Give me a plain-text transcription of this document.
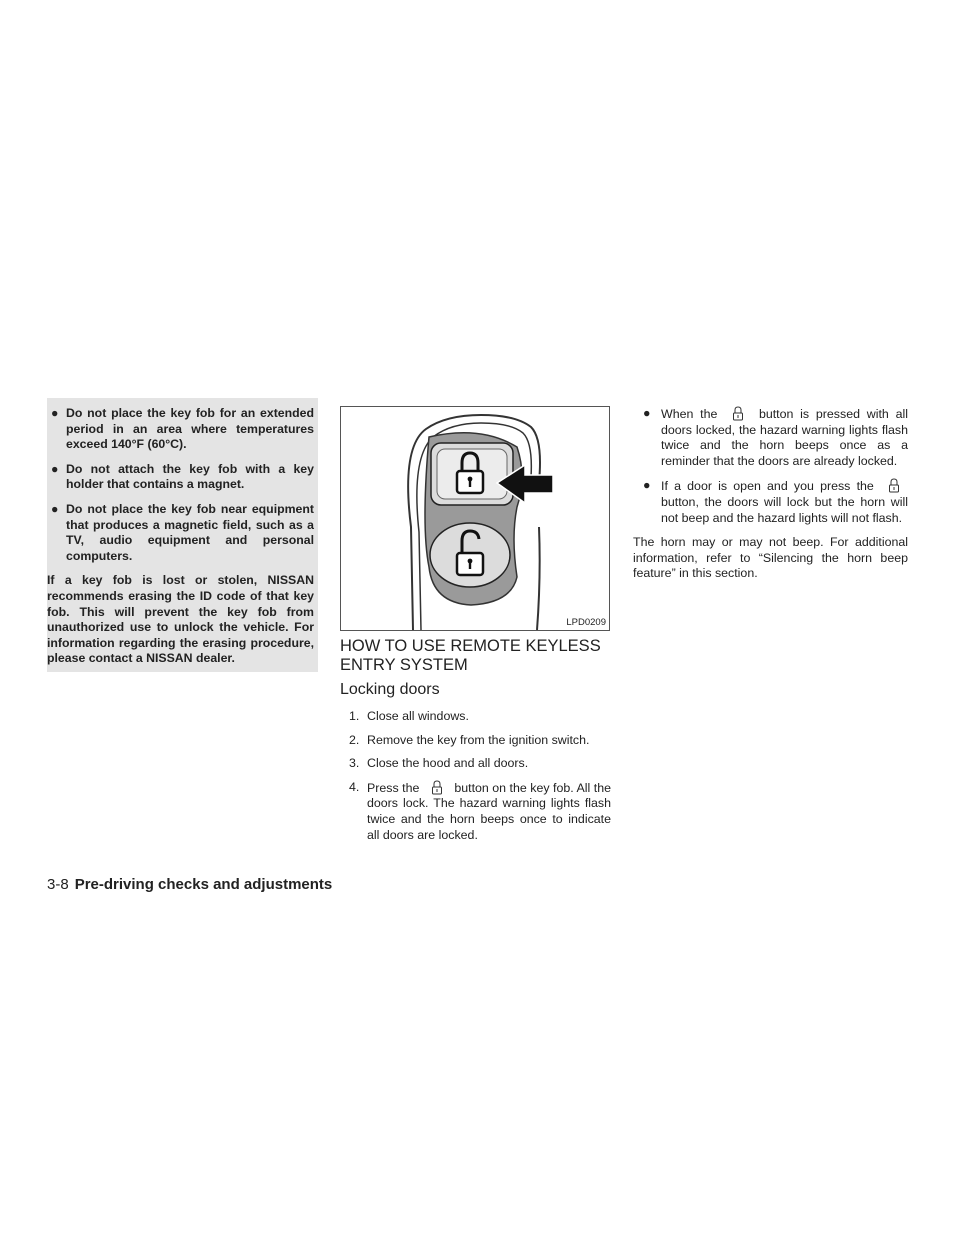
● Do not place the key fob for an extended period in an area where temperatures exceed 140°F (60°C).
● Do not attach the key fob with a key holder that contains a magnet.
● Do not place the key fob near equipment that produces a magnetic field, such as a TV, audio equipment and personal computers.
If a key fob is lost or stolen, NISSAN recommends erasing the ID code of that key fob. This will prevent the key fob from unauthorized use to unlock the vehicle. For information regarding the erasing procedure, please contact a NISSAN dealer.
LPD0209
HOW TO USE REMOTE KEYLESS ENTRY SYSTEM
Locking doors
1. Close all windows.
2. Remove the key from the ignition switch.
3. Close the hood and all doors.
4. Press the	button on the key fob. All the doors lock. The hazard warning lights flash twice and the horn beeps once to indicate all doors are locked.
● When the	button is pressed with all doors locked, the hazard warning lights flash twice and the horn beeps once as a reminder that the doors are already locked.
● If a door is open and you press the
button, the doors will lock but the horn will not beep and the hazard lights will not flash.
The horn may or may not beep. For additional information, refer to “Silencing the horn beep feature” in this section.
3-8 Pre-driving checks and adjustments
